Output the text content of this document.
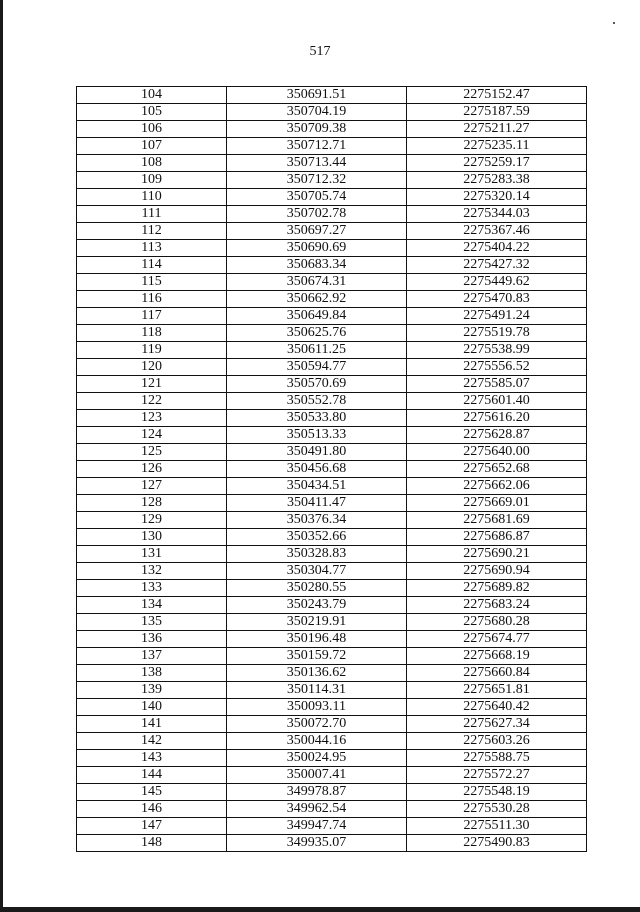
517
104	350691.51	2275152.47
105	350704.19	2275187.59
106	350709.38	2275211.27
107	350712.71	2275235.11
108	350713.44	2275259.17
109	350712.32	2275283.38
110	350705.74	2275320.14
111	350702.78	2275344.03
112	350697.27	2275367.46
113	350690.69	2275404.22
114	350683.34	2275427.32
115	350674.31	2275449.62
116	350662.92	2275470.83
117	350649.84	2275491.24
118	350625.76	2275519.78
119	350611.25	2275538.99
120	350594.77	2275556.52
121	350570.69	2275585.07
122	350552.78	2275601.40
123	350533.80	2275616.20
124	350513.33	2275628.87
125	350491.80	2275640.00
126	350456.68	2275652.68
127	350434.51	2275662.06
128	350411.47	2275669.01
129	350376.34	2275681.69
130	350352.66	2275686.87
131	350328.83	2275690.21
132	350304.77	2275690.94
133	350280.55	2275689.82
134	350243.79	2275683.24
135	350219.91	2275680.28
136	350196.48	2275674.77
137	350159.72	2275668.19
138	350136.62	2275660.84
139	350114.31	2275651.81
140	350093.11	2275640.42
141	350072.70	2275627.34
142	350044.16	2275603.26
143	350024.95	2275588.75
144	350007.41	2275572.27
145	349978.87	2275548.19
146	349962.54	2275530.28
147	349947.74	2275511.30
148	349935.07	2275490.83
